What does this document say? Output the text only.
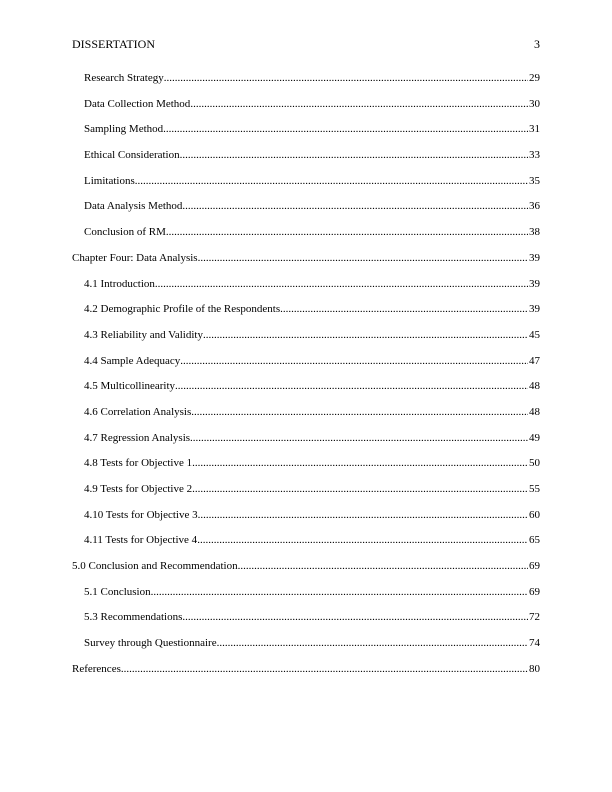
DISSERTATION	3
Research Strategy .....	29
Data Collection Method .....	30
Sampling Method .....	31
Ethical Consideration .....	33
Limitations .....	35
Data Analysis Method .....	36
Conclusion of RM .....	38
Chapter Four: Data Analysis .....	39
4.1 Introduction .....	39
4.2 Demographic Profile of the Respondents .....	39
4.3 Reliability and Validity .....	45
4.4 Sample Adequacy .....	47
4.5 Multicollinearity .....	48
4.6 Correlation Analysis .....	48
4.7 Regression Analysis .....	49
4.8 Tests for Objective 1 .....	50
4.9 Tests for Objective 2 .....	55
4.10 Tests for Objective 3 .....	60
4.11 Tests for Objective 4 .....	65
5.0 Conclusion and Recommendation .....	69
5.1 Conclusion .....	69
5.3 Recommendations .....	72
Survey through Questionnaire .....	74
References .....	80
